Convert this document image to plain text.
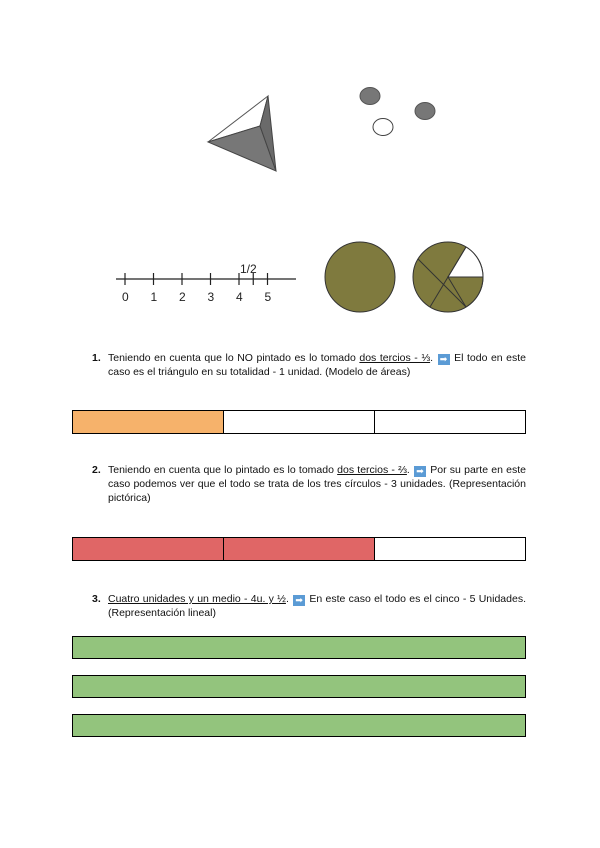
1/2
0 1 2 3 4 5
1. Teniendo en cuenta que lo NO pintado es lo tomado dos tercios - ⅓. ➡ El todo en este caso es el triángulo en su totalidad - 1 unidad. (Modelo de áreas)
2. Teniendo en cuenta que lo pintado es lo tomado dos tercios - ⅔. ➡ Por su parte en este caso podemos ver que el todo se trata de los tres círculos - 3 unidades. (Representación pictórica)
3. Cuatro unidades y un medio - 4u. y ½. ➡ En este caso el todo es el cinco - 5 Unidades. (Representación lineal)
